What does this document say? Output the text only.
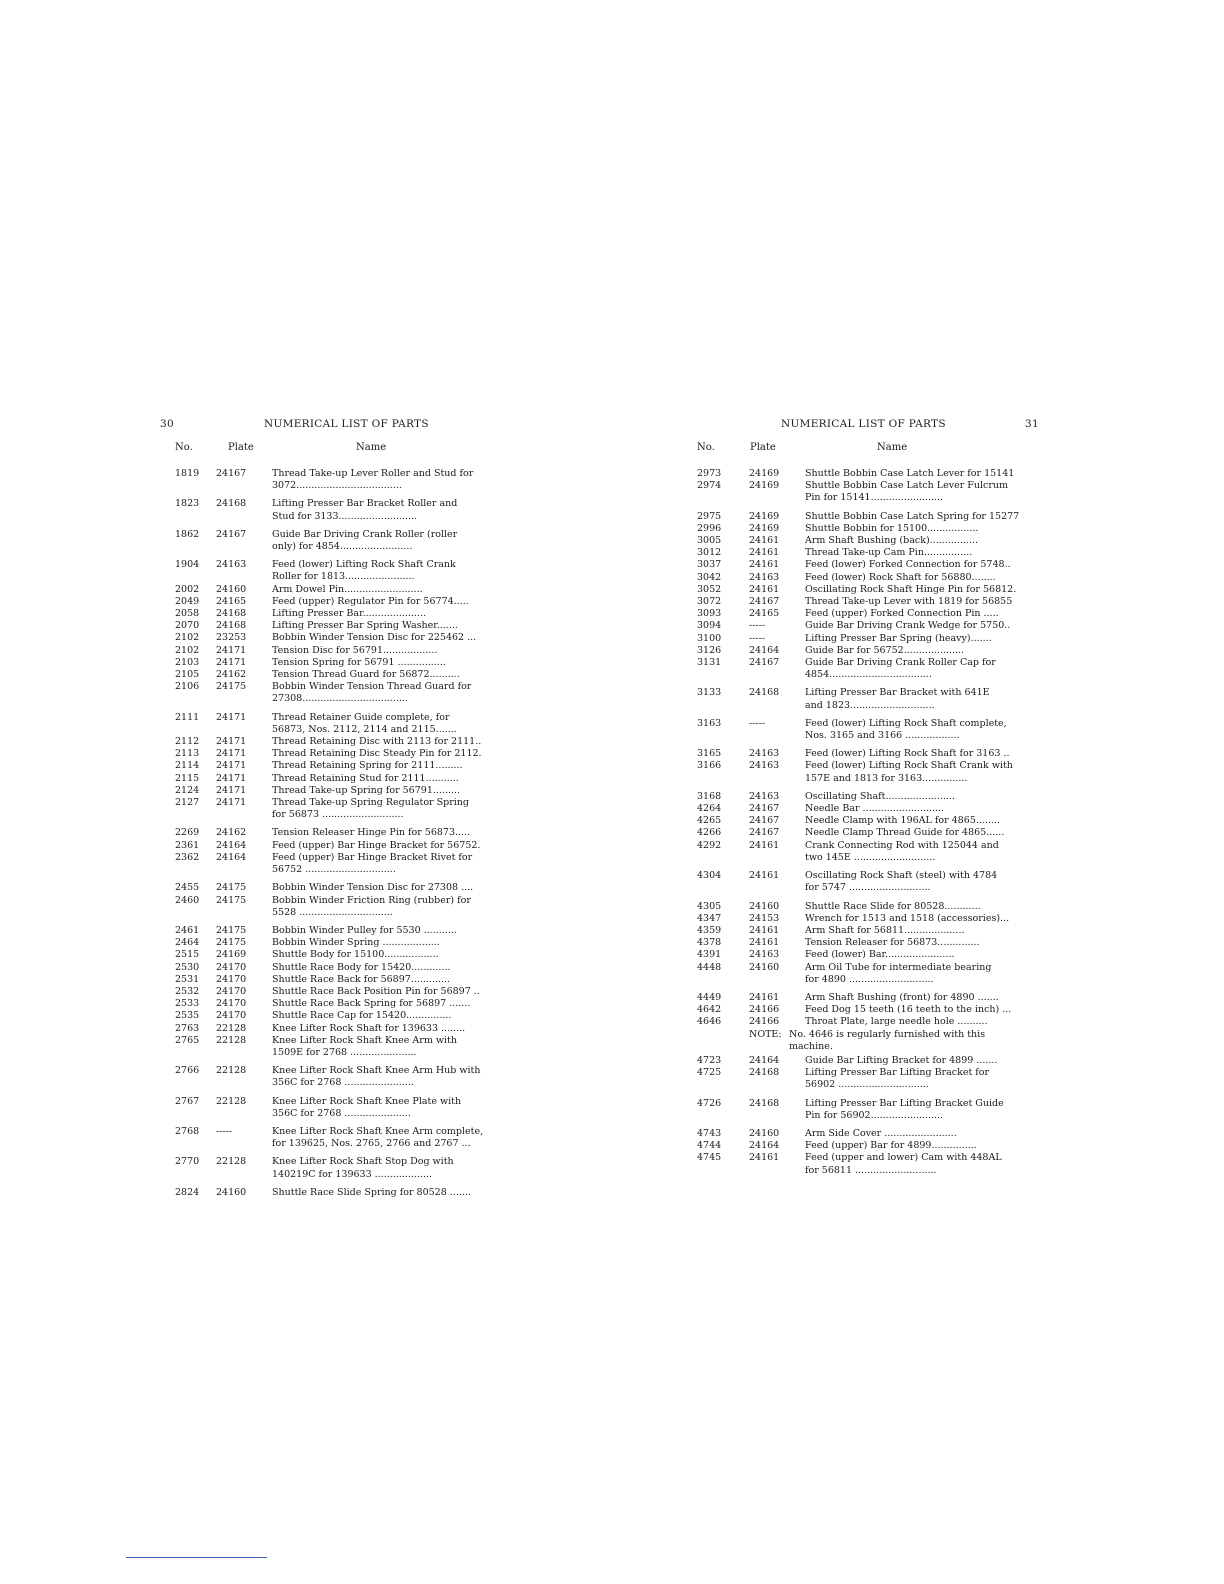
30	NUMERICAL LIST OF PARTS
No.	Plate	Name
1819	24167	Thread Take-up Lever Roller and Stud for
3072...................................
1823	24168	Lifting Presser Bar Bracket Roller and
Stud for 3133..........................
1862	24167	Guide Bar Driving Crank Roller (roller
only) for 4854........................
1904	24163	Feed (lower) Lifting Rock Shaft Crank
Roller for 1813.......................
2002	24160	Arm Dowel Pin..........................
2049	24165	Feed (upper) Regulator Pin for 56774.....
2058	24168	Lifting Presser Bar.....................
2070	24168	Lifting Presser Bar Spring Washer.......
2102	23253	Bobbin Winder Tension Disc for 225462 ...
2102	24171	Tension Disc for 56791..................
2103	24171	Tension Spring for 56791 ................
2105	24162	Tension Thread Guard for 56872..........
2106	24175	Bobbin Winder Tension Thread Guard for
27308...................................
2111	24171	Thread Retainer Guide complete, for
56873, Nos. 2112, 2114 and 2115.......
2112	24171	Thread Retaining Disc with 2113 for 2111..
2113	24171	Thread Retaining Disc Steady Pin for 2112.
2114	24171	Thread Retaining Spring for 2111.........
2115	24171	Thread Retaining Stud for 2111...........
2124	24171	Thread Take-up Spring for 56791.........
2127	24171	Thread Take-up Spring Regulator Spring
for 56873 ...........................
2269	24162	Tension Releaser Hinge Pin for 56873.....
2361	24164	Feed (upper) Bar Hinge Bracket for 56752.
2362	24164	Feed (upper) Bar Hinge Bracket Rivet for
56752 ..............................
2455	24175	Bobbin Winder Tension Disc for 27308 ....
2460	24175	Bobbin Winder Friction Ring (rubber) for
5528 ...............................
2461	24175	Bobbin Winder Pulley for 5530 ...........
2464	24175	Bobbin Winder Spring ...................
2515	24169	Shuttle Body for 15100..................
2530	24170	Shuttle Race Body for 15420.............
2531	24170	Shuttle Race Back for 56897.............
2532	24170	Shuttle Race Back Position Pin for 56897 ..
2533	24170	Shuttle Race Back Spring for 56897 .......
2535	24170	Shuttle Race Cap for 15420...............
2763	22128	Knee Lifter Rock Shaft for 139633 ........
2765	22128	Knee Lifter Rock Shaft Knee Arm with
1509E for 2768 ......................
2766	22128	Knee Lifter Rock Shaft Knee Arm Hub with
356C for 2768 .......................
2767	22128	Knee Lifter Rock Shaft Knee Plate with
356C for 2768 ......................
2768	-----	Knee Lifter Rock Shaft Knee Arm complete,
for 139625, Nos. 2765, 2766 and 2767 ...
2770	22128	Knee Lifter Rock Shaft Stop Dog with
140219C for 139633 ...................
2824	24160	Shuttle Race Slide Spring for 80528 .......
NUMERICAL LIST OF PARTS	31
No.	Plate	Name
2973	24169	Shuttle Bobbin Case Latch Lever for 15141
2974	24169	Shuttle Bobbin Case Latch Lever Fulcrum
Pin for 15141........................
2975	24169	Shuttle Bobbin Case Latch Spring for 15277
2996	24169	Shuttle Bobbin for 15100.................
3005	24161	Arm Shaft Bushing (back)................
3012	24161	Thread Take-up Cam Pin................
3037	24161	Feed (lower) Forked Connection for 5748..
3042	24163	Feed (lower) Rock Shaft for 56880........
3052	24161	Oscillating Rock Shaft Hinge Pin for 56812.
3072	24167	Thread Take-up Lever with 1819 for 56855
3093	24165	Feed (upper) Forked Connection Pin .....
3094	-----	Guide Bar Driving Crank Wedge for 5750..
3100	-----	Lifting Presser Bar Spring (heavy).......
3126	24164	Guide Bar for 56752....................
3131	24167	Guide Bar Driving Crank Roller Cap for
4854..................................
3133	24168	Lifting Presser Bar Bracket with 641E
and 1823............................
3163	-----	Feed (lower) Lifting Rock Shaft complete,
Nos. 3165 and 3166 ..................
3165	24163	Feed (lower) Lifting Rock Shaft for 3163 ..
3166	24163	Feed (lower) Lifting Rock Shaft Crank with
157E and 1813 for 3163...............
3168	24163	Oscillating Shaft.......................
4264	24167	Needle Bar ...........................
4265	24167	Needle Clamp with 196AL for 4865........
4266	24167	Needle Clamp Thread Guide for 4865......
4292	24161	Crank Connecting Rod with 125044 and
two 145E ...........................
4304	24161	Oscillating Rock Shaft (steel) with 4784
for 5747 ...........................
4305	24160	Shuttle Race Slide for 80528............
4347	24153	Wrench for 1513 and 1518 (accessories)...
4359	24161	Arm Shaft for 56811....................
4378	24161	Tension Releaser for 56873..............
4391	24163	Feed (lower) Bar.......................
4448	24160	Arm Oil Tube for intermediate bearing
for 4890 ............................
4449	24161	Arm Shaft Bushing (front) for 4890 .......
4642	24166	Feed Dog 15 teeth (16 teeth to the inch) ...
4646	24166	Throat Plate, large needle hole ..........
NOTE: No. 4646 is regularly furnished with this
machine.
4723	24164	Guide Bar Lifting Bracket for 4899 .......
4725	24168	Lifting Presser Bar Lifting Bracket for
56902 ..............................
4726	24168	Lifting Presser Bar Lifting Bracket Guide
Pin for 56902........................
4743	24160	Arm Side Cover ........................
4744	24164	Feed (upper) Bar for 4899...............
4745	24161	Feed (upper and lower) Cam with 448AL
for 56811 ...........................
